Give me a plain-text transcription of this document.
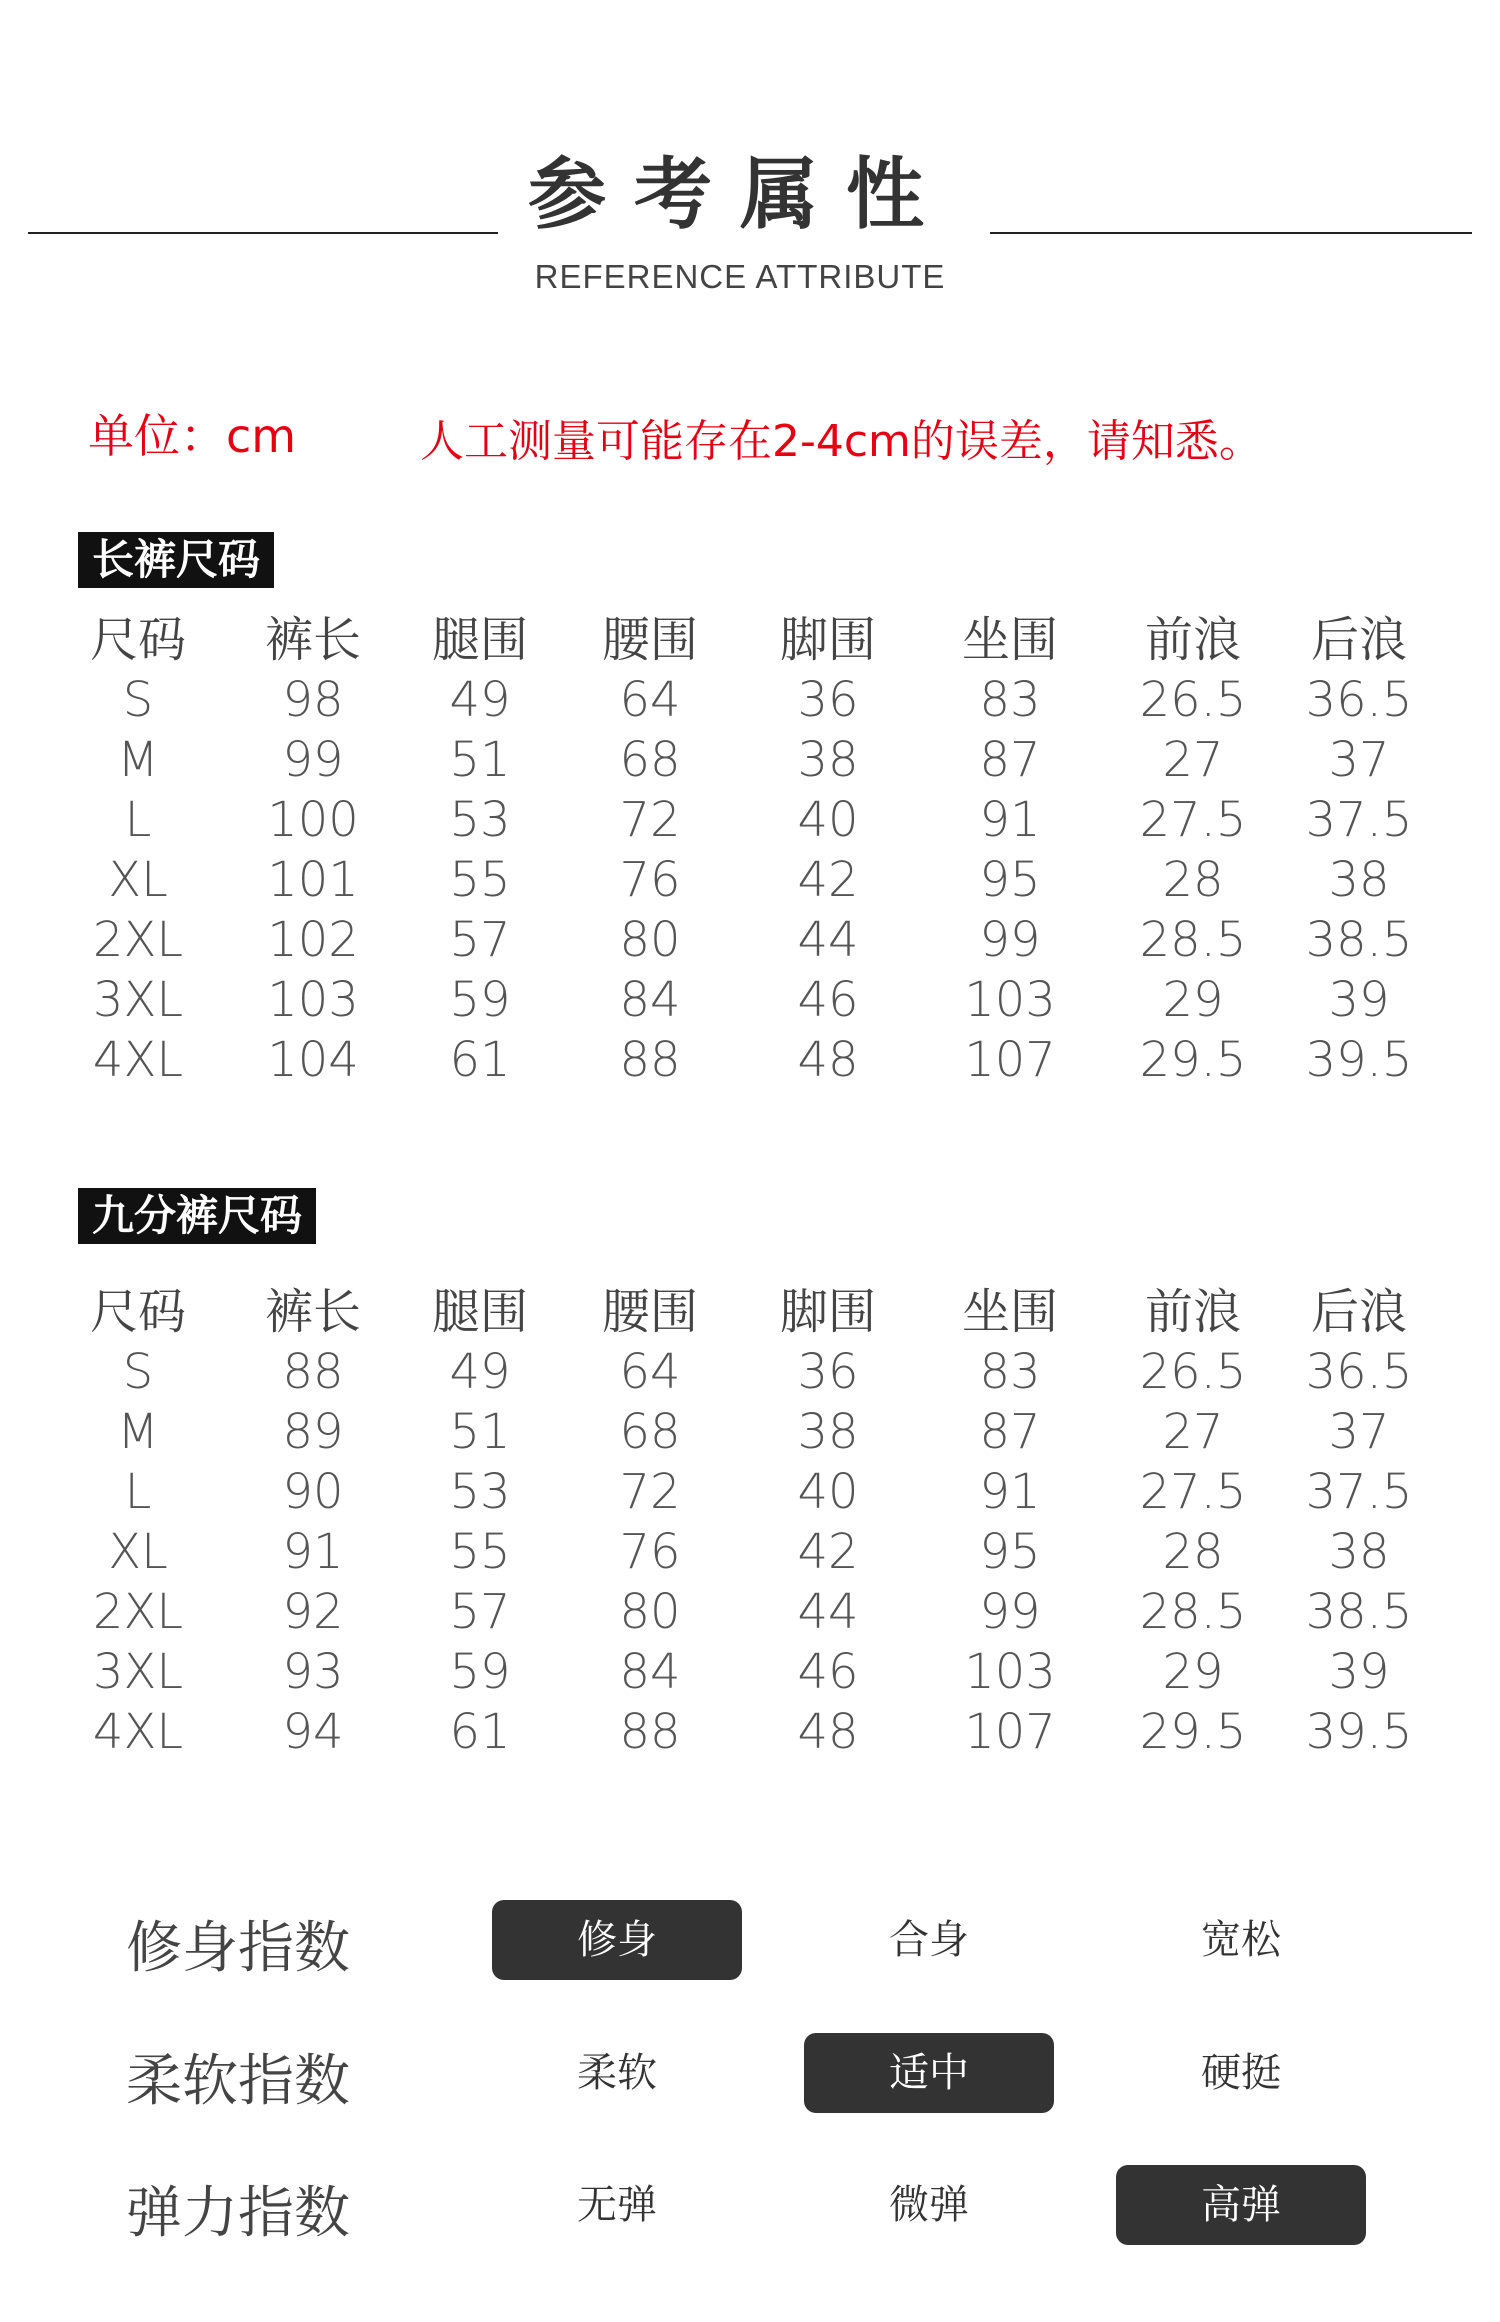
参考属性
REFERENCE ATTRIBUTE
单位：cm	人工测量可能存在2-4cm的误差，请知悉。
长裤尺码
九分裤尺码
修身指数	修身	合身	宽松
柔软指数	柔软	适中	硬挺
弹力指数	无弹	微弹	高弹
尺码	裤长	腿围	腰围	脚围	坐围	前浪	后浪
S	98	49	64	36	83	26.5	36.5
M	99	51	68	38	87	27	37
L	100	53	72	40	91	27.5	37.5
XL	101	55	76	42	95	28	38
2XL	102	57	80	44	99	28.5	38.5
3XL	103	59	84	46	103	29	39
4XL	104	61	88	48	107	29.5	39.5
尺码	裤长	腿围	腰围	脚围	坐围	前浪	后浪
S	88	49	64	36	83	26.5	36.5
M	89	51	68	38	87	27	37
L	90	53	72	40	91	27.5	37.5
XL	91	55	76	42	95	28	38
2XL	92	57	80	44	99	28.5	38.5
3XL	93	59	84	46	103	29	39
4XL	94	61	88	48	107	29.5	39.5
